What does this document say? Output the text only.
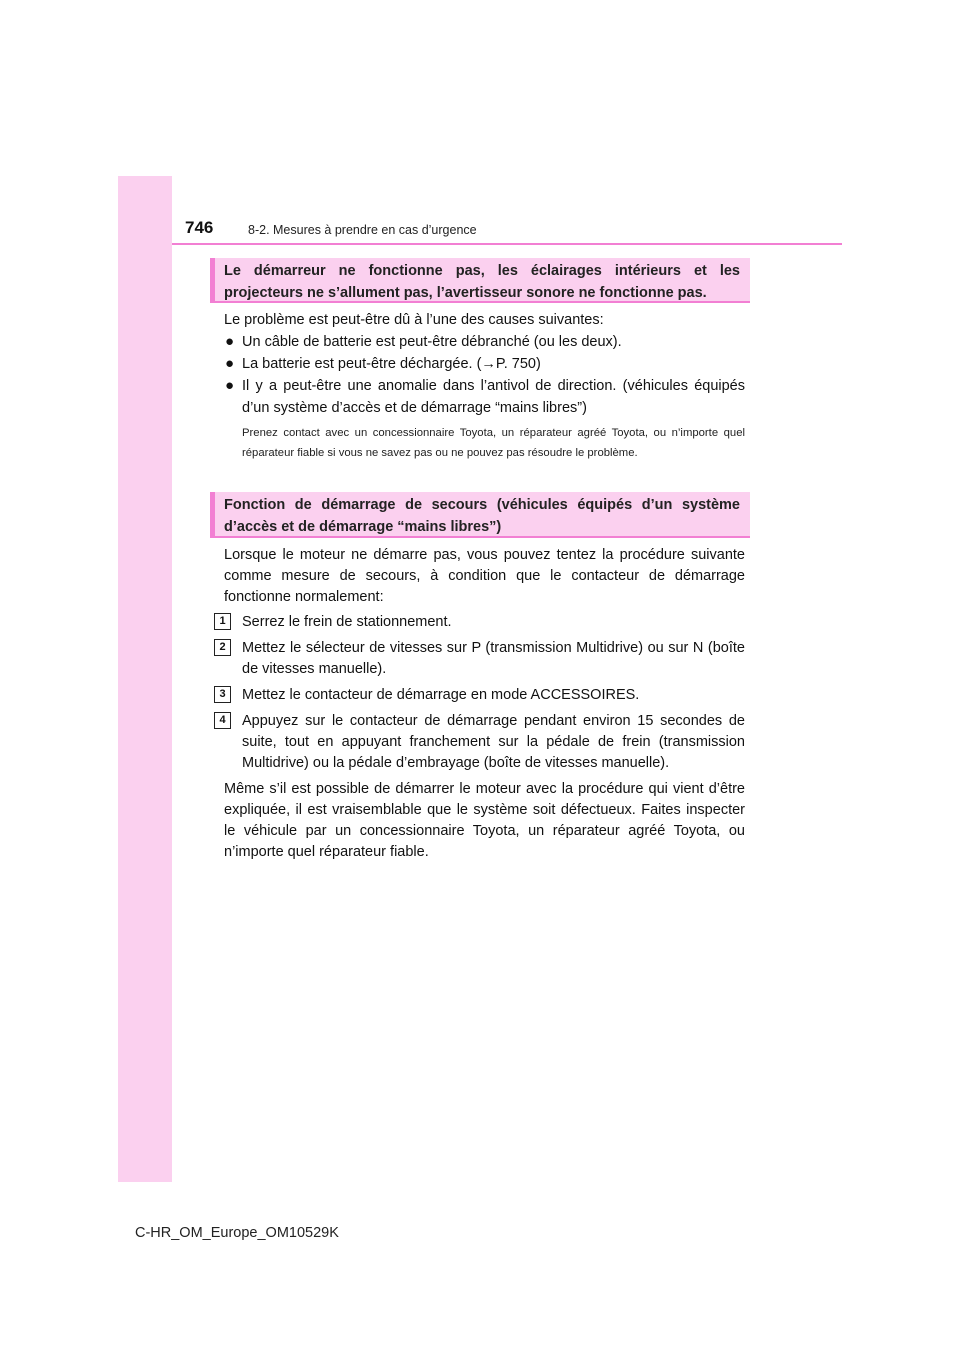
746	8-2. Mesures à prendre en cas d’urgence
Le démarreur ne fonctionne pas, les éclairages intérieurs et les projecteurs ne s’allument pas, l’avertisseur sonore ne fonctionne pas.
Le problème est peut-être dû à l’une des causes suivantes:
● Un câble de batterie est peut-être débranché (ou les deux).
● La batterie est peut-être déchargée. (→P. 750)
● Il y a peut-être une anomalie dans l’antivol de direction. (véhicules équipés d’un système d’accès et de démarrage “mains libres”)
Prenez contact avec un concessionnaire Toyota, un réparateur agréé Toyota, ou n’importe quel réparateur fiable si vous ne savez pas ou ne pouvez pas résoudre le problème.
Fonction de démarrage de secours (véhicules équipés d’un système d’accès et de démarrage “mains libres”)
Lorsque le moteur ne démarre pas, vous pouvez tentez la procédure suivante comme mesure de secours, à condition que le contacteur de démarrage fonctionne normalement:
1	Serrez le frein de stationnement.
2	Mettez le sélecteur de vitesses sur P (transmission Multidrive) ou sur N (boîte de vitesses manuelle).
3	Mettez le contacteur de démarrage en mode ACCESSOIRES.
4	Appuyez sur le contacteur de démarrage pendant environ 15 secondes de suite, tout en appuyant franchement sur la pédale de frein (transmission Multidrive) ou la pédale d’embrayage (boîte de vitesses manuelle).
Même s’il est possible de démarrer le moteur avec la procédure qui vient d’être expliquée, il est vraisemblable que le système soit défectueux. Faites inspecter le véhicule par un concessionnaire Toyota, un réparateur agréé Toyota, ou n’importe quel réparateur fiable.
C-HR_OM_Europe_OM10529K
